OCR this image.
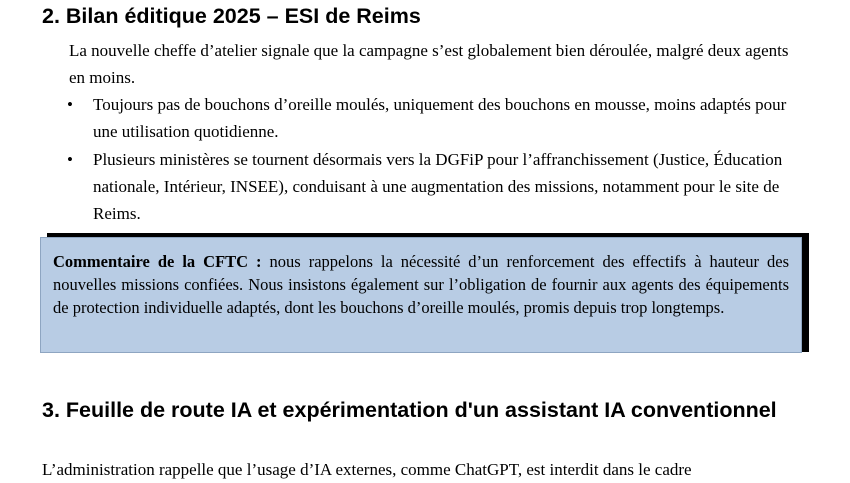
2. Bilan éditique 2025 – ESI de Reims

La nouvelle cheffe d’atelier signale que la campagne s’est globalement bien déroulée, malgré deux agents en moins.

• Toujours pas de bouchons d’oreille moulés, uniquement des bouchons en mousse, moins adaptés pour une utilisation quotidienne.
• Plusieurs ministères se tournent désormais vers la DGFiP pour l’affranchissement (Justice, Éducation nationale, Intérieur, INSEE), conduisant à une augmentation des missions, notamment pour le site de Reims.

Commentaire de la CFTC : nous rappelons la nécessité d’un renforcement des effectifs à hauteur des nouvelles missions confiées. Nous insistons également sur l’obligation de fournir aux agents des équipements de protection individuelle adaptés, dont les bouchons d’oreille moulés, promis depuis trop longtemps.

3. Feuille de route IA et expérimentation d'un assistant IA conventionnel

L’administration rappelle que l’usage d’IA externes, comme ChatGPT, est interdit dans le cadre
